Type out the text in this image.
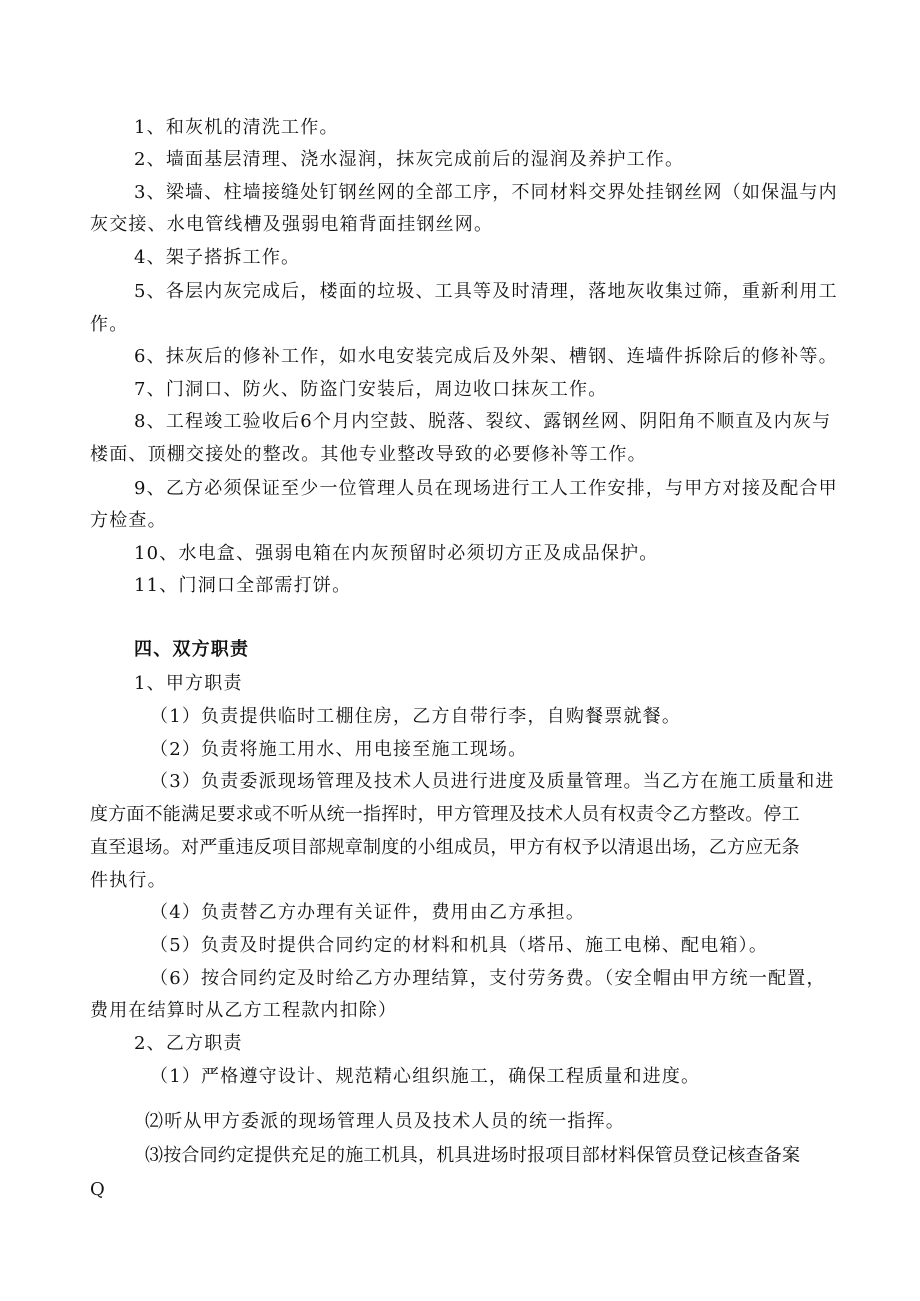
1、和灰机的清洗工作。
2、墙面基层清理、浇水湿润，抹灰完成前后的湿润及养护工作。
3、梁墙、柱墙接缝处钉钢丝网的全部工序，不同材料交界处挂钢丝网（如保温与内
灰交接、水电管线槽及强弱电箱背面挂钢丝网。
4、架子搭拆工作。
5、各层内灰完成后，楼面的垃圾、工具等及时清理，落地灰收集过筛，重新利用工
作。
6、抹灰后的修补工作，如水电安装完成后及外架、槽钢、连墙件拆除后的修补等。
7、门洞口、防火、防盗门安装后，周边收口抹灰工作。
8、工程竣工验收后6个月内空鼓、脱落、裂纹、露钢丝网、阴阳角不顺直及内灰与
楼面、顶棚交接处的整改。其他专业整改导致的必要修补等工作。
9、乙方必须保证至少一位管理人员在现场进行工人工作安排，与甲方对接及配合甲
方检查。
10、水电盒、强弱电箱在内灰预留时必须切方正及成品保护。
11、门洞口全部需打饼。
四、双方职责
1、甲方职责
（1）负责提供临时工棚住房，乙方自带行李，自购餐票就餐。
（2）负责将施工用水、用电接至施工现场。
（3）负责委派现场管理及技术人员进行进度及质量管理。当乙方在施工质量和进
度方面不能满足要求或不听从统一指挥时，甲方管理及技术人员有权责令乙方整改。停工
直至退场。对严重违反项目部规章制度的小组成员，甲方有权予以清退出场，乙方应无条
件执行。
（4）负责替乙方办理有关证件，费用由乙方承担。
（5）负责及时提供合同约定的材料和机具（塔吊、施工电梯、配电箱）。
（6）按合同约定及时给乙方办理结算，支付劳务费。（安全帽由甲方统一配置，
费用在结算时从乙方工程款内扣除）
2、乙方职责
（1）严格遵守设计、规范精心组织施工，确保工程质量和进度。
⑵听从甲方委派的现场管理人员及技术人员的统一指挥。
⑶按合同约定提供充足的施工机具，机具进场时报项目部材料保管员登记核查备案
Q
